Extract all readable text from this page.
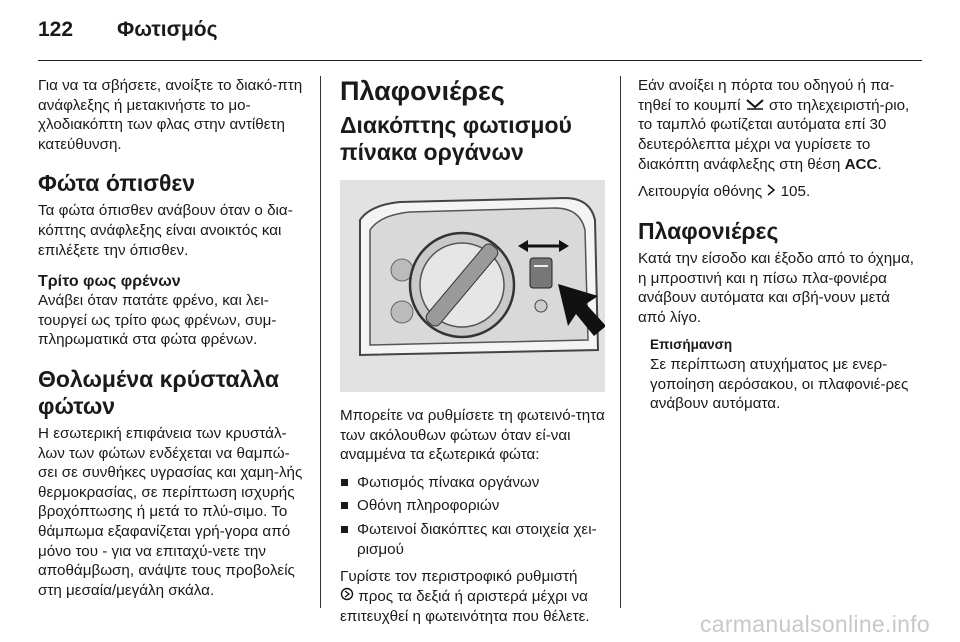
122 Φωτισμός

Για να τα σβήσετε, ανοίξτε το διακό-πτη ανάφλεξης ή μετακινήστε το μο-χλοδιακόπτη των φλας στην αντίθετη κατεύθυνση.

Φώτα όπισθεν

Τα φώτα όπισθεν ανάβουν όταν ο δια-κόπτης ανάφλεξης είναι ανοικτός και επιλέξετε την όπισθεν.

Τρίτο φως φρένων

Ανάβει όταν πατάτε φρένο, και λει-τουργεί ως τρίτο φως φρένων, συμ-πληρωματικά στα φώτα φρένων.

Θολωμένα κρύσταλλα φώτων

Η εσωτερική επιφάνεια των κρυστάλ-λων των φώτων ενδέχεται να θαμπώ-σει σε συνθήκες υγρασίας και χαμη-λής θερμοκρασίας, σε περίπτωση ισχυρής βροχόπτωσης ή μετά το πλύ-σιμο. Το θάμπωμα εξαφανίζεται γρή-γορα από μόνο του - για να επιταχύ-νετε την αποθάμβωση, ανάψτε τους προβολείς στη μεσαία/μεγάλη σκάλα.

Πλαφονιέρες
Διακόπτης φωτισμού πίνακα οργάνων

Μπορείτε να ρυθμίσετε τη φωτεινό-τητα των ακόλουθων φώτων όταν εί-ναι αναμμένα τα εξωτερικά φώτα:

Φωτισμός πίνακα οργάνων
Οθόνη πληροφοριών
Φωτεινοί διακόπτες και στοιχεία χει-ρισμού

Γυρίστε τον περιστροφικό ρυθμιστή
προς τα δεξιά ή αριστερά μέχρι να επιτευχθεί η φωτεινότητα που θέλετε.

Εάν ανοίξει η πόρτα του οδηγού ή πα-τηθεί το κουμπί στο τηλεχειριστή-ριο, το ταμπλό φωτίζεται αυτόματα επί 30 δευτερόλεπτα μέχρι να γυρίσετε το διακόπτη ανάφλεξης στη θέση ACC.

Λειτουργία οθόνης 105.

Πλαφονιέρες

Κατά την είσοδο και έξοδο από το όχημα, η μπροστινή και η πίσω πλα-φονιέρα ανάβουν αυτόματα και σβή-νουν μετά από λίγο.

Επισήμανση
Σε περίπτωση ατυχήματος με ενερ-γοποίηση αερόσακου, οι πλαφονιέ-ρες ανάβουν αυτόματα.
carmanualsonline.info
